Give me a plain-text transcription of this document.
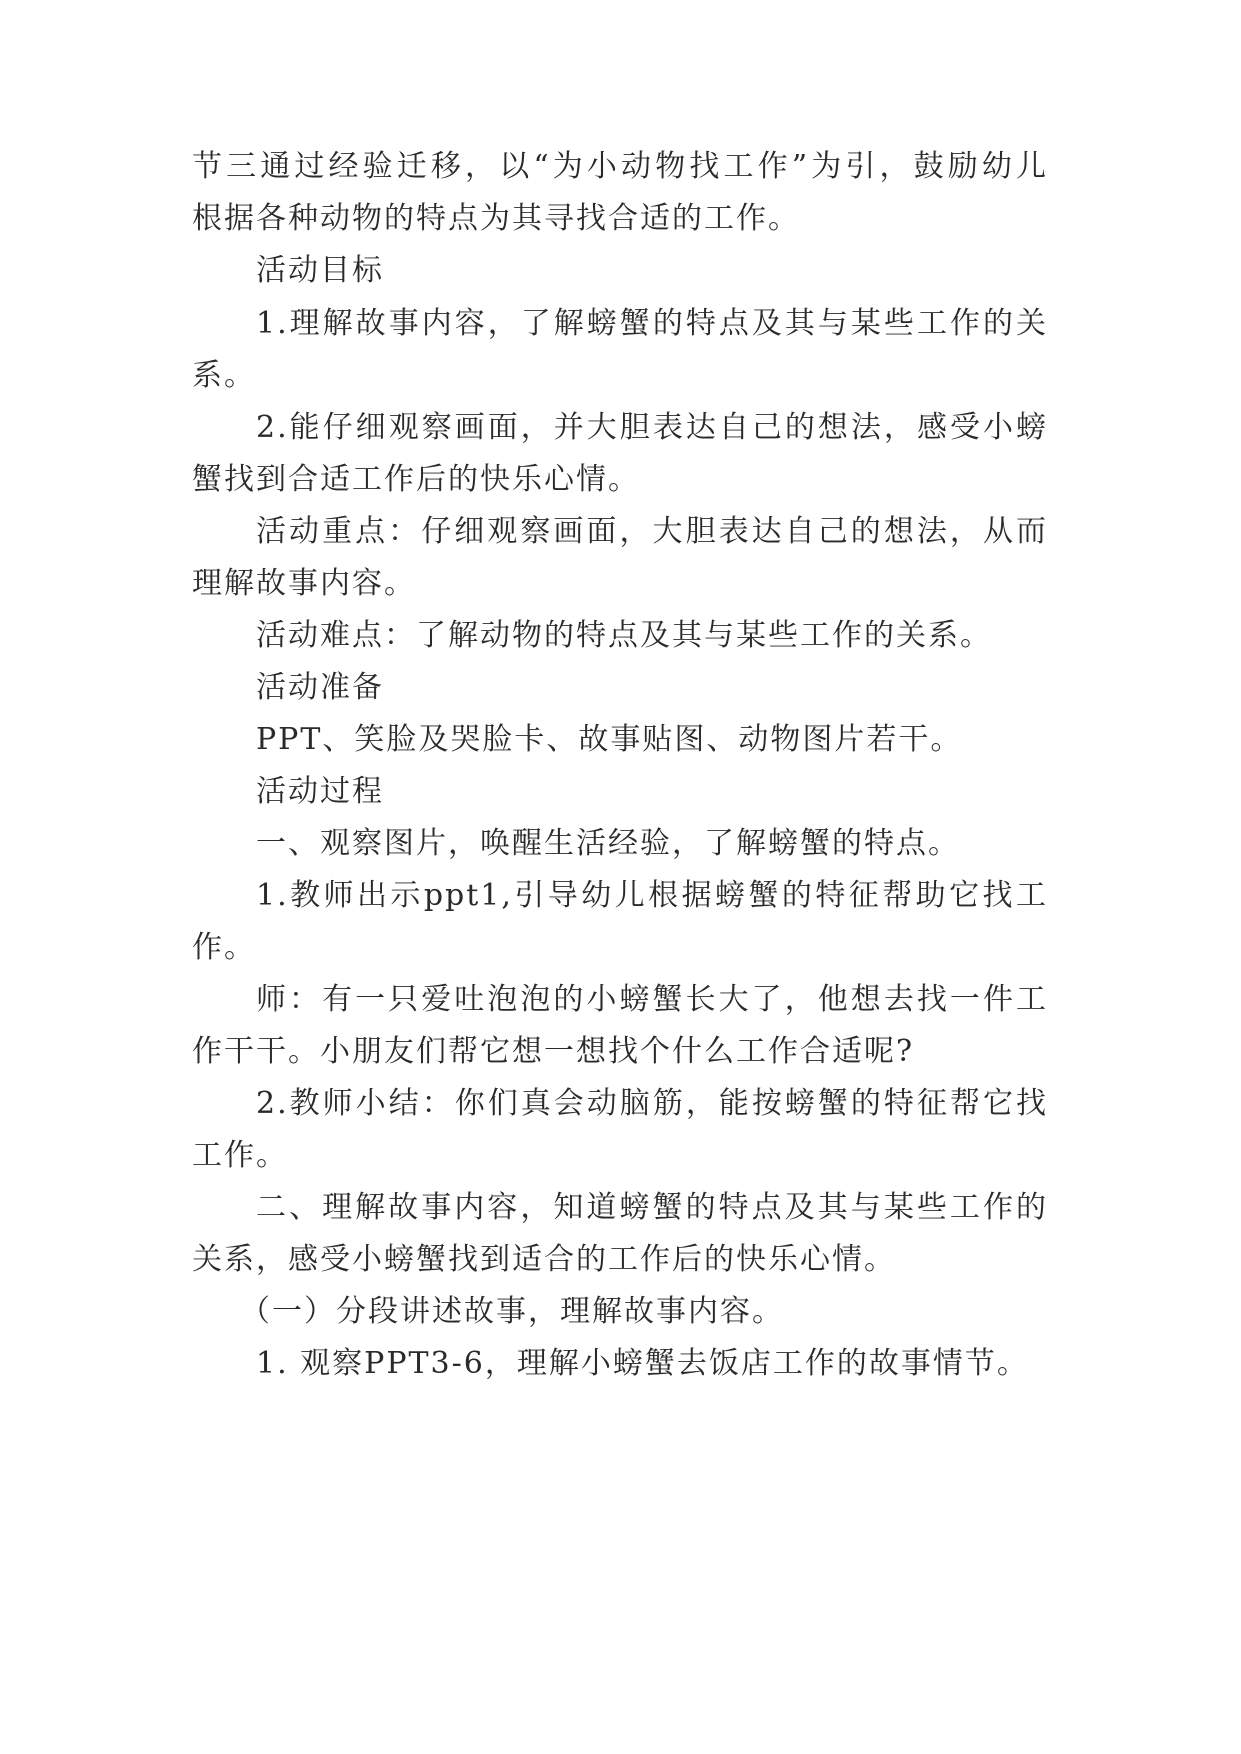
节三通过经验迁移，以“为小动物找工作”为引，鼓励幼儿

根据各种动物的特点为其寻找合适的工作。

活动目标

1.理解故事内容，了解螃蟹的特点及其与某些工作的关

系。

2.能仔细观察画面，并大胆表达自己的想法，感受小螃

蟹找到合适工作后的快乐心情。

活动重点：仔细观察画面，大胆表达自己的想法，从而

理解故事内容。

活动难点：了解动物的特点及其与某些工作的关系。

活动准备

PPT、笑脸及哭脸卡、故事贴图、动物图片若干。

活动过程

一、观察图片，唤醒生活经验，了解螃蟹的特点。

1.教师出示ppt1,引导幼儿根据螃蟹的特征帮助它找工

作。

师：有一只爱吐泡泡的小螃蟹长大了，他想去找一件工

作干干。小朋友们帮它想一想找个什么工作合适呢?

2.教师小结：你们真会动脑筋，能按螃蟹的特征帮它找

工作。

二、理解故事内容，知道螃蟹的特点及其与某些工作的

关系，感受小螃蟹找到适合的工作后的快乐心情。

（一）分段讲述故事，理解故事内容。

1. 观察PPT3-6，理解小螃蟹去饭店工作的故事情节。
